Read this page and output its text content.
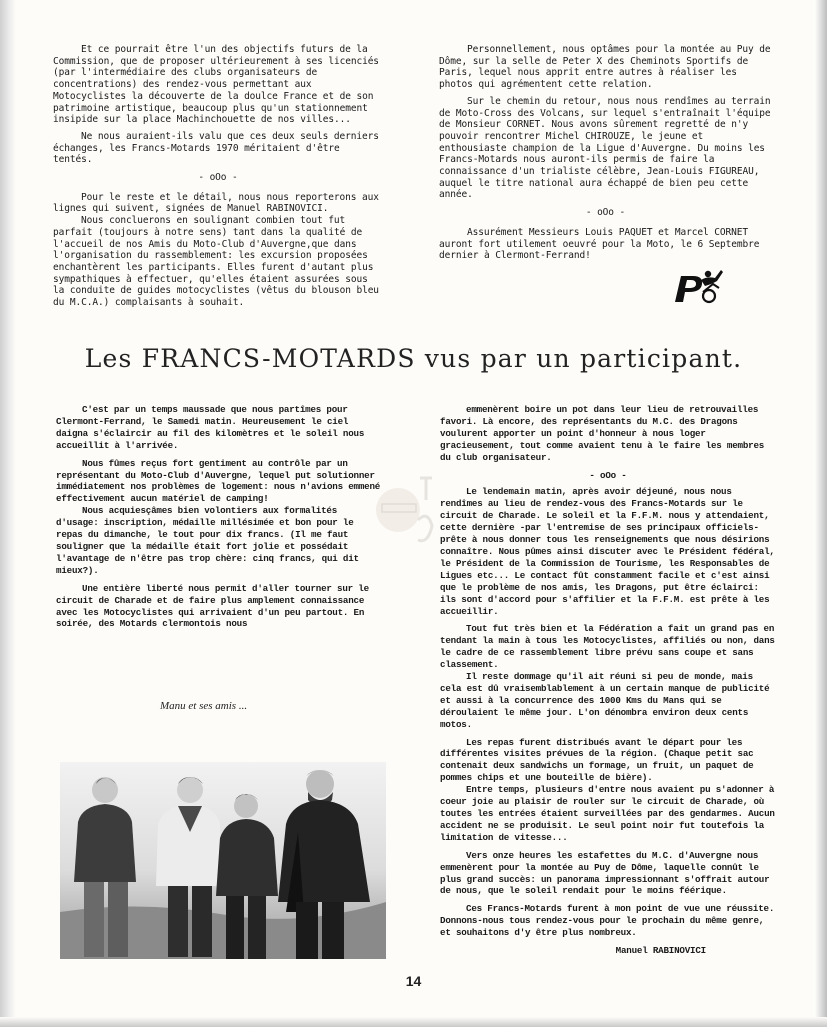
Et ce pourrait être l'un des objectifs futurs de la Commission, que de proposer ultérieurement à ses licenciés (par l'intermédiaire des clubs organisateurs de concentrations) des rendez-vous permettant aux Motocyclistes la découverte de la doulce France et de son patrimoine artistique, beaucoup plus qu'un stationnement insipide sur la place Machinchouette de nos villes...

Ne nous auraient-ils valu que ces deux seuls derniers échanges, les Francs-Motards 1970 méritaient d'être tentés.

- oOo -

Pour le reste et le détail, nous nous reporterons aux lignes qui suivent, signées de Manuel RABINOVICI.

Nous concluerons en soulignant combien tout fut parfait (toujours à notre sens) tant dans la qualité de l'accueil de nos Amis du Moto-Club d'Auvergne,que dans l'organisation du rassemblement: les excursion proposées enchantèrent les participants. Elles furent d'autant plus sympathiques à effectuer, qu'elles étaient assurées sous la conduite de guides motocyclistes (vêtus du blouson bleu du M.C.A.) complaisants à souhait.

Personnellement, nous optâmes pour la montée au Puy de Dôme, sur la selle de Peter X des Cheminots Sportifs de Paris, lequel nous apprit entre autres à réaliser les photos qui agrémentent cette relation.

Sur le chemin du retour, nous nous rendîmes au terrain de Moto-Cross des Volcans, sur lequel s'entraînait l'équipe de Monsieur CORNET. Nous avons sûrement regretté de n'y pouvoir rencontrer Michel CHIROUZE, le jeune et enthousiaste champion de la Ligue d'Auvergne. Du moins les Francs-Motards nous auront-ils permis de faire la connaissance d'un trialiste célèbre, Jean-Louis FIGUREAU, auquel le titre national aura échappé de bien peu cette année.

- oOo -

Assurément Messieurs Louis PAQUET et Marcel CORNET auront fort utilement oeuvré pour la Moto, le 6 Septembre dernier à Clermont-Ferrand!

Les FRANCS-MOTARDS vus par un participant.

C'est par un temps maussade que nous partîmes pour Clermont-Ferrand, le Samedi matin. Heureusement le ciel daigna s'éclaircir au fil des kilomètres et le soleil nous accueillit à l'arrivée.

Nous fûmes reçus fort gentiment au contrôle par un représentant du Moto-Club d'Auvergne, lequel put solutionner immédiatement nos problèmes de logement: nous n'avions emmené effectivement aucun matériel de camping!

Nous acquiesçâmes bien volontiers aux formalités d'usage: inscription, médaille millésimée et bon pour le repas du dimanche, le tout pour dix francs. (Il me faut souligner que la médaille était fort jolie et possédait l'avantage de n'être pas trop chère: cinq francs, qui dit mieux?).

Une entière liberté nous permit d'aller tourner sur le circuit de Charade et de faire plus amplement connaissance avec les Motocyclistes qui arrivaient d'un peu partout. En soirée, des Motards clermontois nous

Manu et ses amis ...

emmenèrent boire un pot dans leur lieu de retrouvailles favori. Là encore, des représentants du M.C. des Dragons voulurent apporter un point d'honneur à nous loger gracieusement, tout comme avaient tenu à le faire les membres du club organisateur.

- oOo -

Le lendemain matin, après avoir déjeuné, nous nous rendîmes au lieu de rendez-vous des Francs-Motards sur le circuit de Charade. Le soleil et la F.F.M. nous y attendaient, cette dernière -par l'entremise de ses principaux officiels- prête à nous donner tous les renseignements que nous désirions connaître. Nous pûmes ainsi discuter avec le Président fédéral, le Président de la Commission de Tourisme, les Responsables de Ligues etc... Le contact fût constamment facile et c'est ainsi que le problème de nos amis, les Dragons, put être éclairci: ils sont d'accord pour s'affilier et la F.F.M. est prête à les accueillir.

Tout fut très bien et la Fédération a fait un grand pas en tendant la main à tous les Motocyclistes, affiliés ou non, dans le cadre de ce rassemblement libre prévu sans coupe et sans classement.

Il reste dommage qu'il ait réuni si peu de monde, mais cela est dû vraisemblablement à un certain manque de publicité et aussi à la concurrence des 1000 Kms du Mans qui se déroulaient le même jour. L'on dénombra environ deux cents motos.

Les repas furent distribués avant le départ pour les différentes visites prévues de la région. (Chaque petit sac contenait deux sandwichs un formage, un fruit, un paquet de pommes chips et une bouteille de bière).

Entre temps, plusieurs d'entre nous avaient pu s'adonner à coeur joie au plaisir de rouler sur le circuit de Charade, où toutes les entrées étaient surveillées par des gendarmes. Aucun accident ne se produisit. Le seul point noir fut toutefois la limitation de vitesse...

Vers onze heures les estafettes du M.C. d'Auvergne nous emmenèrent pour la montée au Puy de Dôme, laquelle connût le plus grand succès: un panorama impressionnant s'offrait autour de nous, que le soleil rendait pour le moins féérique.

Ces Francs-Motards furent à mon point de vue une réussite. Donnons-nous tous rendez-vous pour le prochain du même genre, et souhaitons d'y être plus nombreux.

Manuel RABINOVICI

14
